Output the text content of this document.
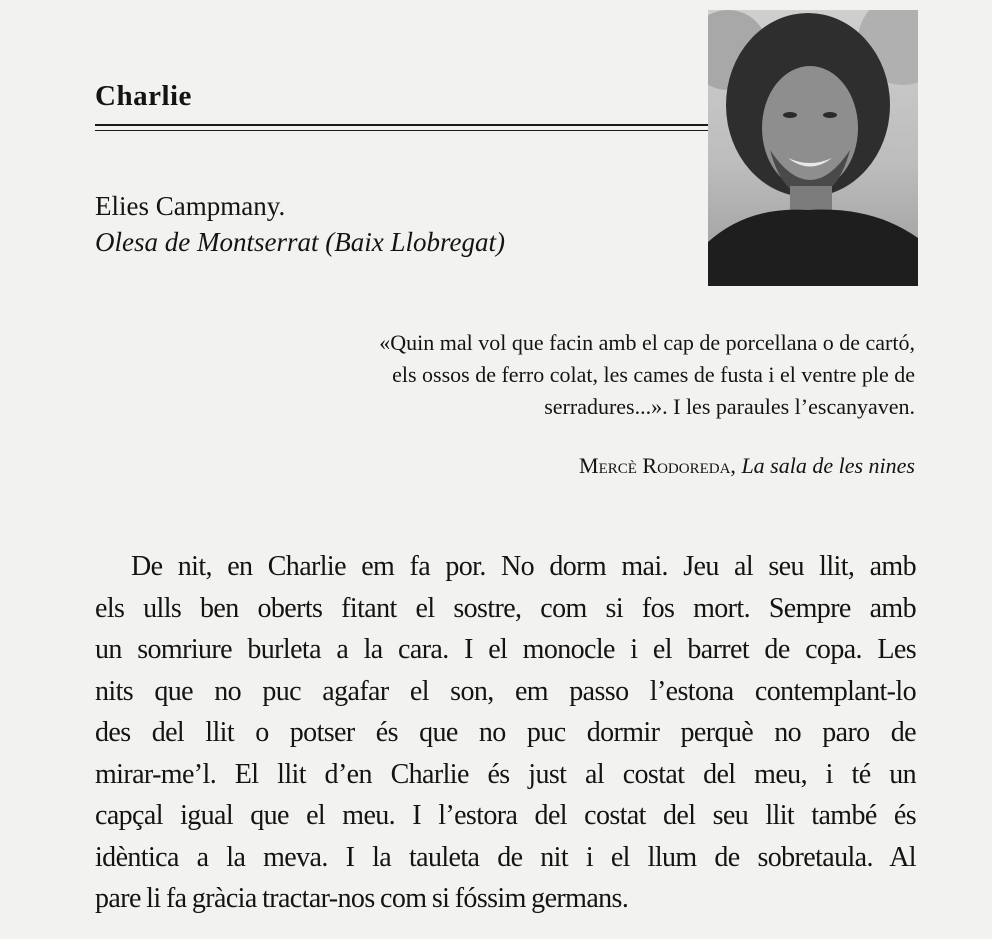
Charlie
Elies Campmany.
Olesa de Montserrat (Baix Llobregat)
«Quin mal vol que facin amb el cap de porcellana o de cartó,
els ossos de ferro colat, les cames de fusta i el ventre ple de
serradures...». I les paraules l’escanyaven.
Mercè Rodoreda, La sala de les nines
De nit, en Charlie em fa por. No dorm mai. Jeu al seu llit, amb
els ulls ben oberts fitant el sostre, com si fos mort. Sempre amb
un somriure burleta a la cara. I el monocle i el barret de copa. Les
nits que no puc agafar el son, em passo l’estona contemplant-lo
des del llit o potser és que no puc dormir perquè no paro de
mirar-me’l. El llit d’en Charlie és just al costat del meu, i té un
capçal igual que el meu. I l’estora del costat del seu llit també és
idèntica a la meva. I la tauleta de nit i el llum de sobretaula. Al
pare li fa gràcia tractar-nos com si fóssim germans.
